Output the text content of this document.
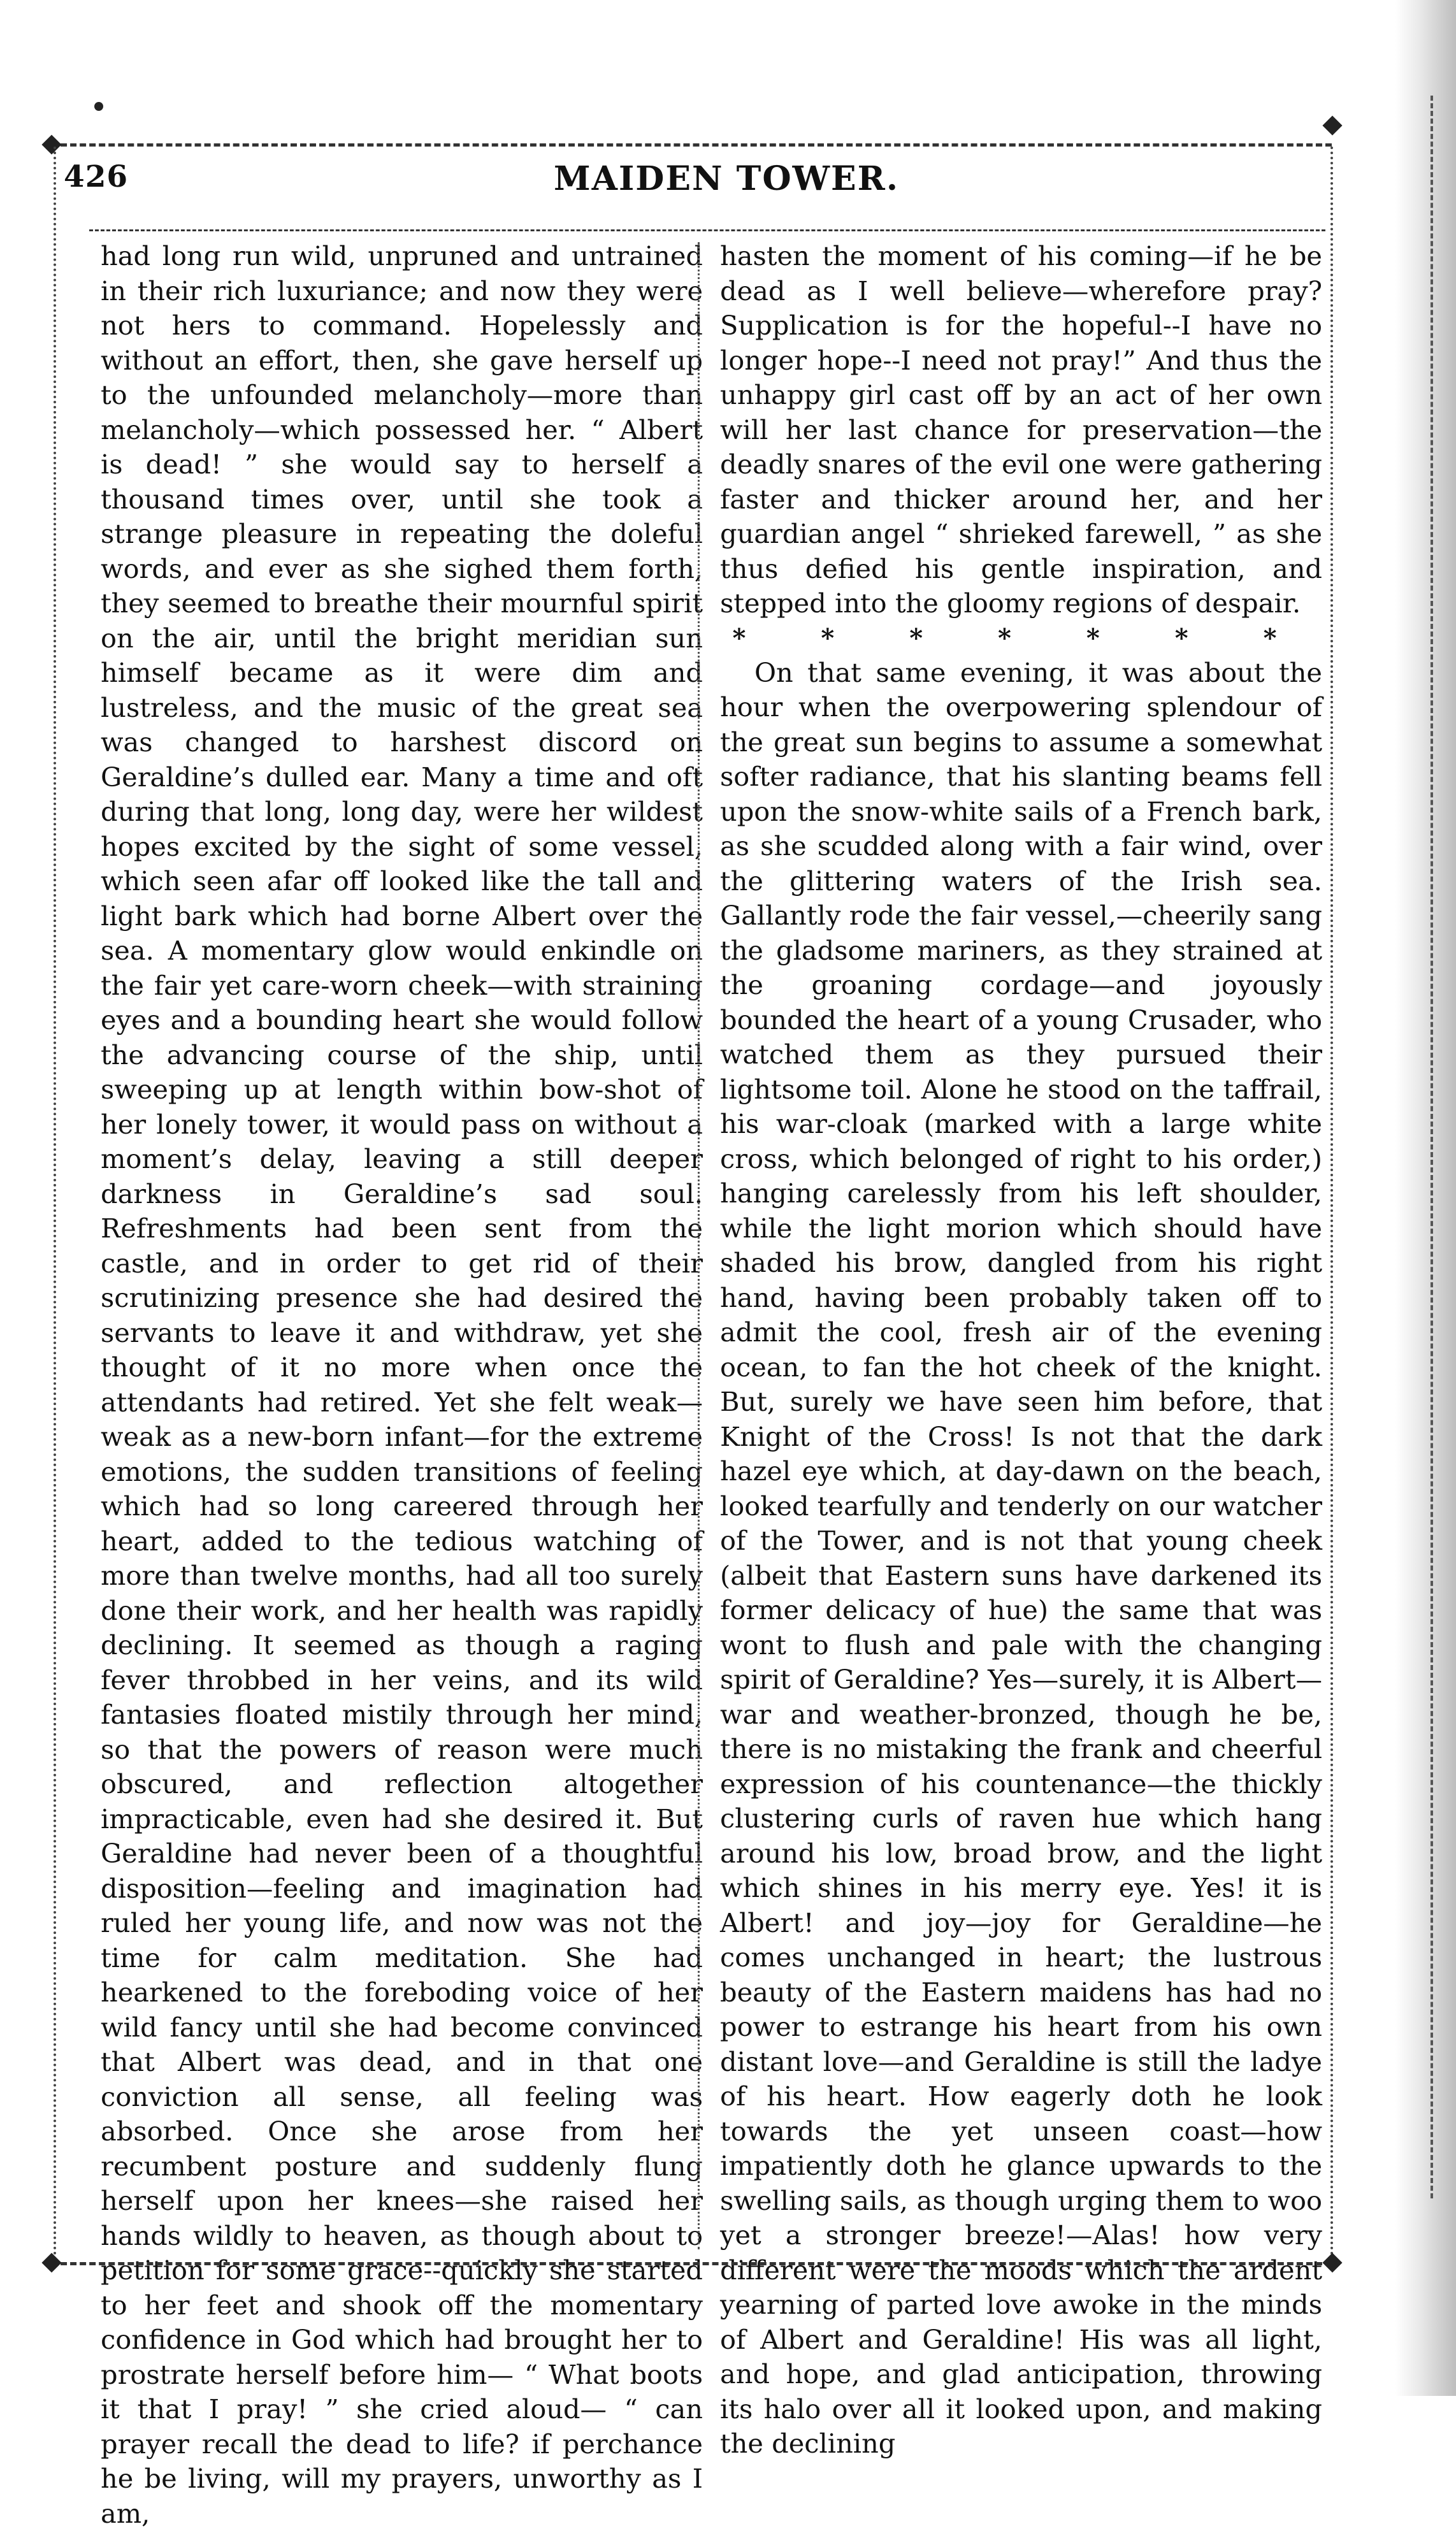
426	MAIDEN TOWER.

had long run wild, unpruned and untrained in their rich luxuriance; and now they were not hers to command. Hopelessly and without an effort, then, she gave herself up to the unfounded melancholy—more than melancholy—which possessed her. “ Albert is dead! ” she would say to herself a thousand times over, until she took a strange pleasure in repeating the doleful words, and ever as she sighed them forth, they seemed to breathe their mournful spirit on the air, until the bright meridian sun himself became as it were dim and lustreless, and the music of the great sea was changed to harshest discord on Geraldine’s dulled ear. Many a time and oft during that long, long day, were her wildest hopes excited by the sight of some vessel, which seen afar off looked like the tall and light bark which had borne Albert over the sea. A momentary glow would enkindle on the fair yet care-worn cheek—with straining eyes and a bounding heart she would follow the advancing course of the ship, until sweeping up at length within bow-shot of her lonely tower, it would pass on without a moment’s delay, leaving a still deeper darkness in Geraldine’s sad soul. Refreshments had been sent from the castle, and in order to get rid of their scrutinizing presence she had desired the servants to leave it and withdraw, yet she thought of it no more when once the attendants had retired. Yet she felt weak—weak as a new-born infant—for the extreme emotions, the sudden transitions of feeling which had so long careered through her heart, added to the tedious watching of more than twelve months, had all too surely done their work, and her health was rapidly declining. It seemed as though a raging fever throbbed in her veins, and its wild fantasies floated mistily through her mind, so that the powers of reason were much obscured, and reflection altogether impracticable, even had she desired it. But Geraldine had never been of a thoughtful disposition—feeling and imagination had ruled her young life, and now was not the time for calm meditation. She had hearkened to the foreboding voice of her wild fancy until she had become convinced that Albert was dead, and in that one conviction all sense, all feeling was absorbed. Once she arose from her recumbent posture and suddenly flung herself upon her knees—she raised her hands wildly to heaven, as though about to petition for some grace--quickly she started to her feet and shook off the momentary confidence in God which had brought her to prostrate herself before him— “ What boots it that I pray! ” she cried aloud— “ can prayer recall the dead to life? if perchance he be living, will my prayers, unworthy as I am,

hasten the moment of his coming—if he be dead as I well believe—wherefore pray? Supplication is for the hopeful--I have no longer hope--I need not pray!” And thus the unhappy girl cast off by an act of her own will her last chance for preservation—the deadly snares of the evil one were gathering faster and thicker around her, and her guardian angel “ shrieked farewell, ” as she thus defied his gentle inspiration, and stepped into the gloomy regions of despair.

* * * * * * *

On that same evening, it was about the hour when the overpowering splendour of the great sun begins to assume a somewhat softer radiance, that his slanting beams fell upon the snow-white sails of a French bark, as she scudded along with a fair wind, over the glittering waters of the Irish sea. Gallantly rode the fair vessel,—cheerily sang the gladsome mariners, as they strained at the groaning cordage—and joyously bounded the heart of a young Crusader, who watched them as they pursued their lightsome toil. Alone he stood on the taffrail, his war-cloak (marked with a large white cross, which belonged of right to his order,) hanging carelessly from his left shoulder, while the light morion which should have shaded his brow, dangled from his right hand, having been probably taken off to admit the cool, fresh air of the evening ocean, to fan the hot cheek of the knight. But, surely we have seen him before, that Knight of the Cross! Is not that the dark hazel eye which, at day-dawn on the beach, looked tearfully and tenderly on our watcher of the Tower, and is not that young cheek (albeit that Eastern suns have darkened its former delicacy of hue) the same that was wont to flush and pale with the changing spirit of Geraldine? Yes—surely, it is Albert—war and weather-bronzed, though he be, there is no mistaking the frank and cheerful expression of his countenance—the thickly clustering curls of raven hue which hang around his low, broad brow, and the light which shines in his merry eye. Yes! it is Albert! and joy—joy for Geraldine—he comes unchanged in heart; the lustrous beauty of the Eastern maidens has had no power to estrange his heart from his own distant love—and Geraldine is still the ladye of his heart. How eagerly doth he look towards the yet unseen coast—how impatiently doth he glance upwards to the swelling sails, as though urging them to woo yet a stronger breeze!—Alas! how very different were the moods which the ardent yearning of parted love awoke in the minds of Albert and Geraldine! His was all light, and hope, and glad anticipation, throwing its halo over all it looked upon, and making the declining
